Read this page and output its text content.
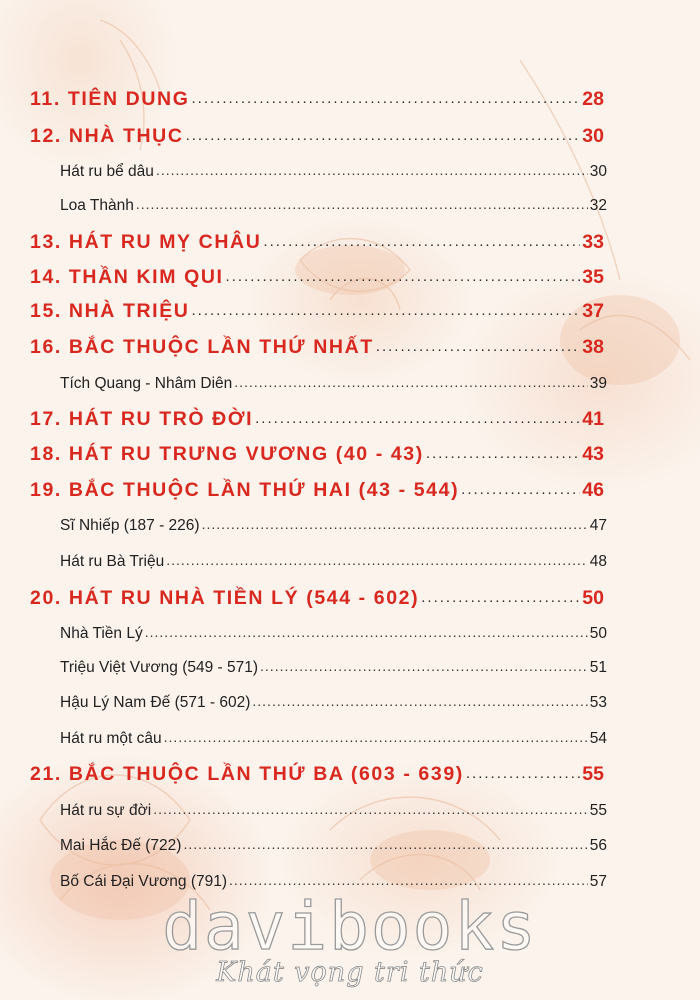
11. TIÊN DUNG .....	28
12. NHÀ THỤC .....	30
Hát ru bể dâu .....	30
Loa Thành .....	32
13. HÁT RU MỴ CHÂU .....	33
14. THẦN KIM QUI .....	35
15. NHÀ TRIỆU .....	37
16. BẮC THUỘC LẦN THỨ NHẤT .....	38
Tích Quang - Nhâm Diên .....	39
17. HÁT RU TRÒ ĐỜI .....	41
18. HÁT RU TRƯNG VƯƠNG (40 - 43) .....	43
19. BẮC THUỘC LẦN THỨ HAI (43 - 544) .....	46
Sĩ Nhiếp (187 - 226) .....	47
Hát ru Bà Triệu .....	48
20. HÁT RU NHÀ TIỀN LÝ (544 - 602) .....	50
Nhà Tiền Lý .....	50
Triệu Việt Vương (549 - 571) .....	51
Hậu Lý Nam Đế (571 - 602) .....	53
Hát ru một câu .....	54
21. BẮC THUỘC LẦN THỨ BA (603 - 639) .....	55
Hát ru sự đời .....	55
Mai Hắc Đế (722) .....	56
Bố Cái Đại Vương (791) .....	57
davibooks
Khát vọng tri thức
